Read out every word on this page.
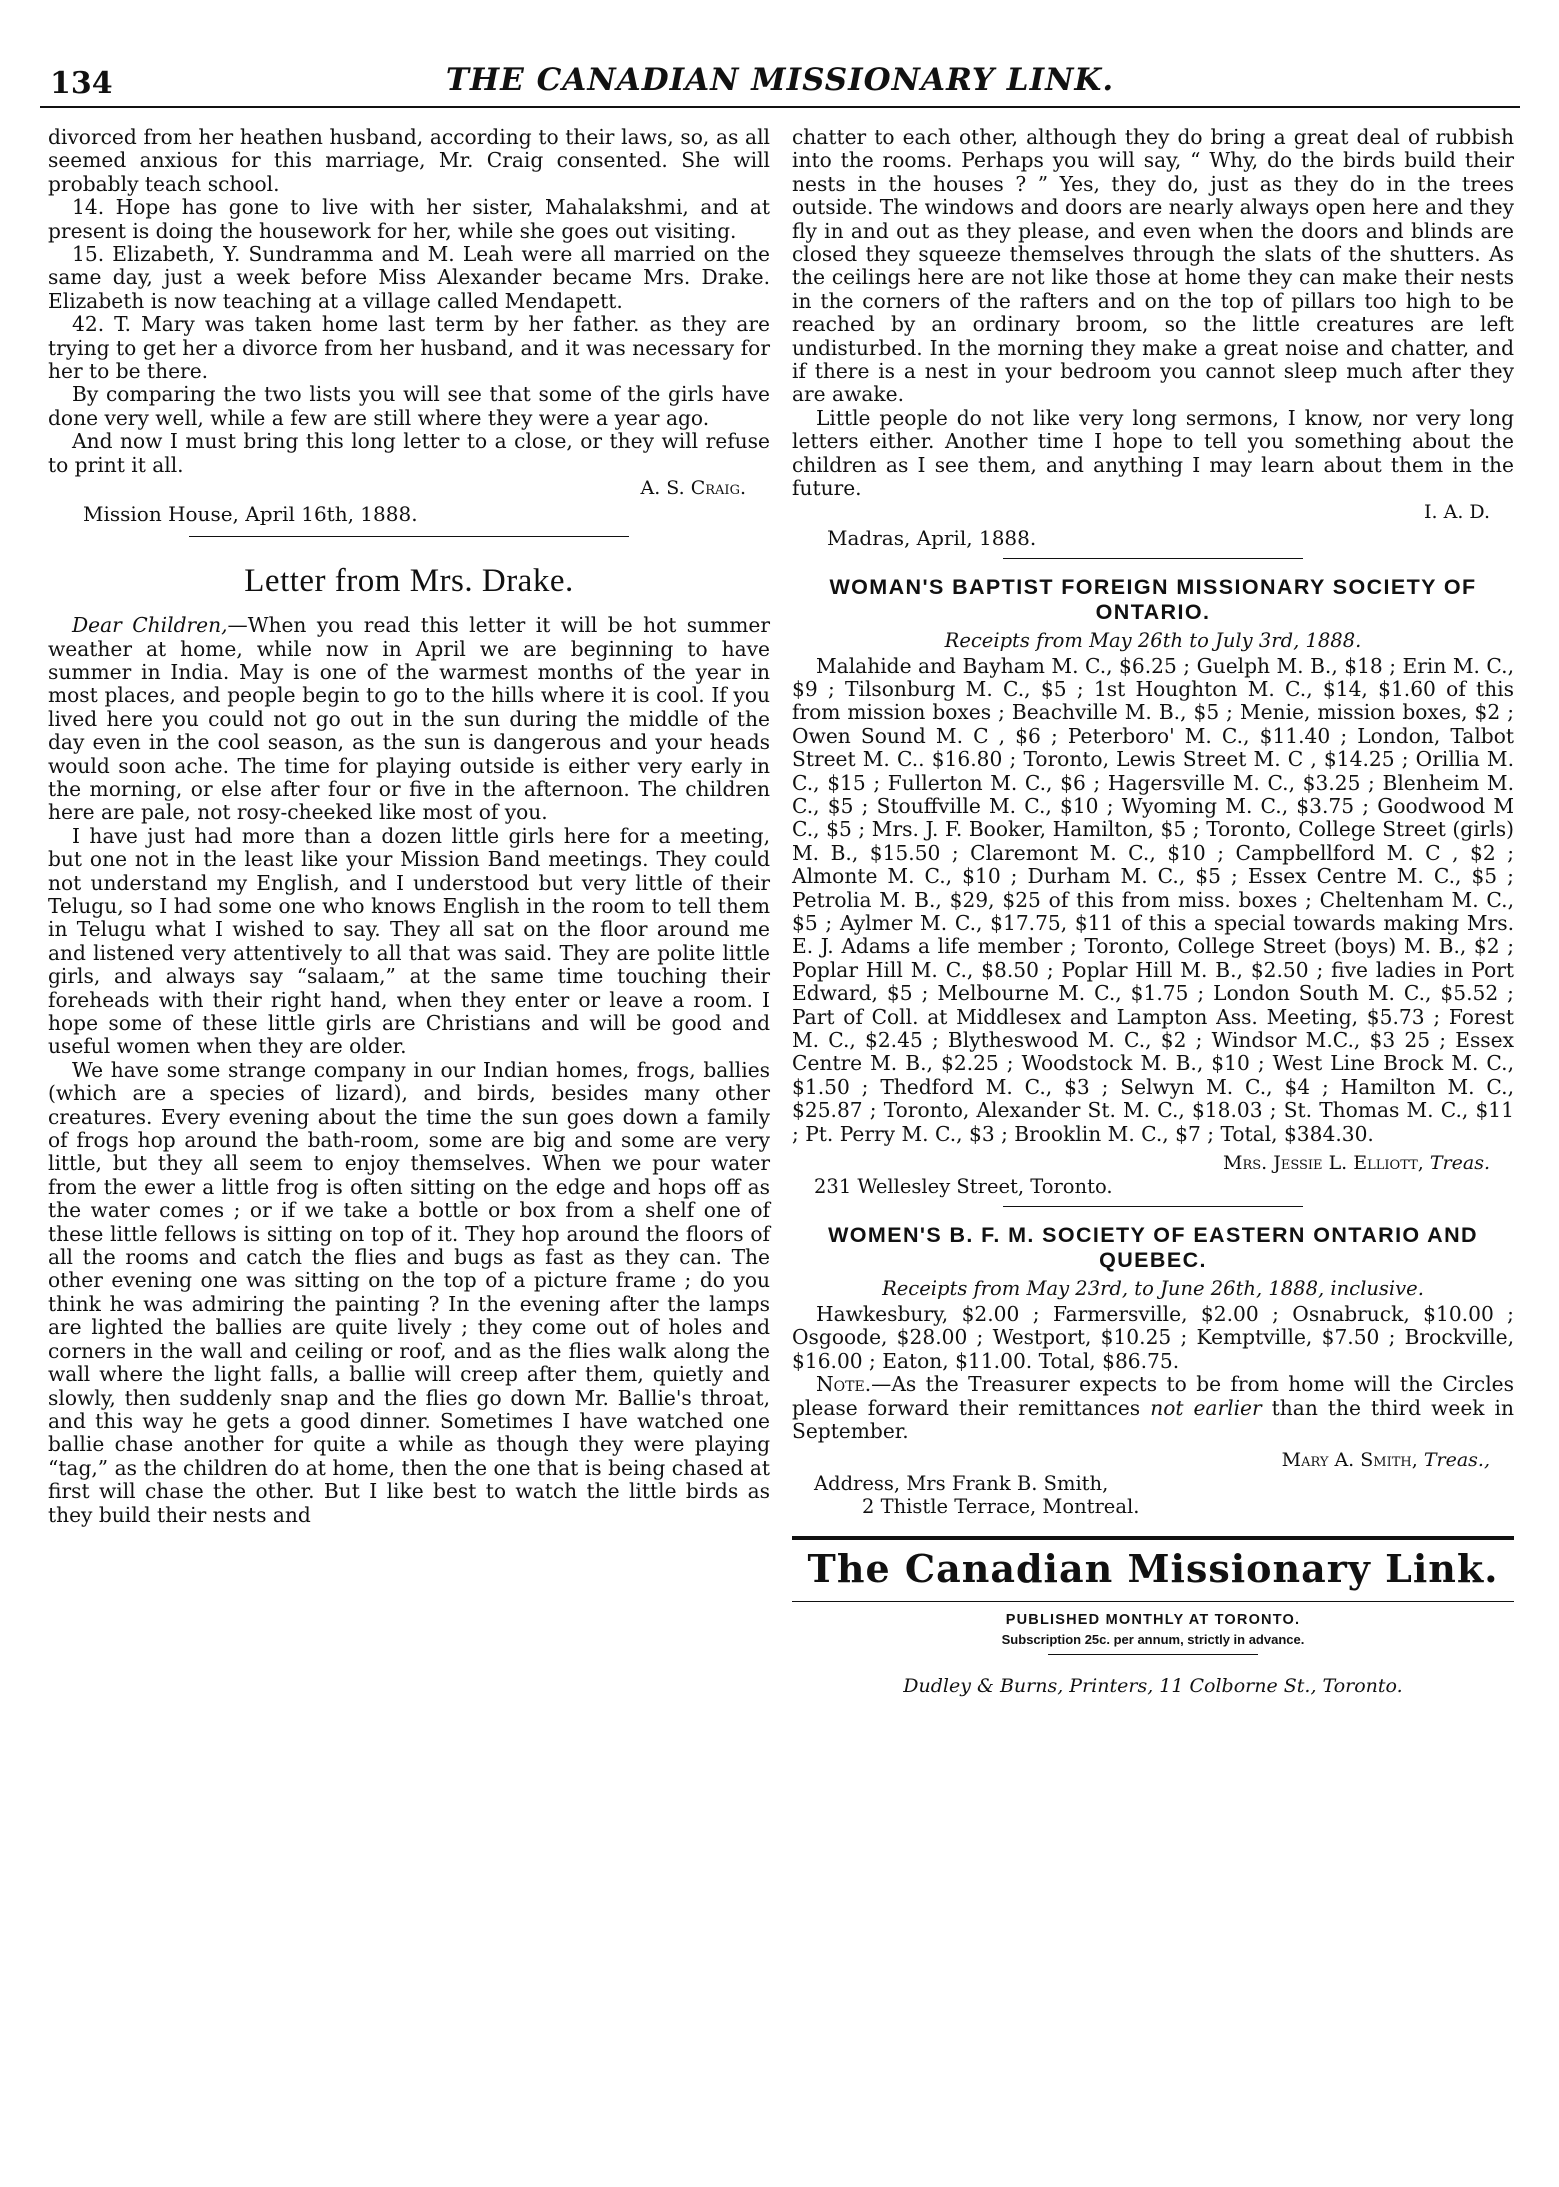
134	THE CANADIAN MISSIONARY LINK.

divorced from her heathen husband, according to their laws, so, as all seemed anxious for this marriage, Mr. Craig consented. She will probably teach school.

14. Hope has gone to live with her sister, Mahalakshmi, and at present is doing the housework for her, while she goes out visiting.

15. Elizabeth, Y. Sundramma and M. Leah were all married on the same day, just a week before Miss Alexander became Mrs. Drake. Elizabeth is now teaching at a village called Mendapett.

42. T. Mary was taken home last term by her father. as they are trying to get her a divorce from her husband, and it was necessary for her to be there.

By comparing the two lists you will see that some of the girls have done very well, while a few are still where they were a year ago.

And now I must bring this long letter to a close, or they will refuse to print it all.

A. S. Craig.
Mission House, April 16th, 1888.
Letter from Mrs. Drake.

Dear Children,—When you read this letter it will be hot summer weather at home, while now in April we are beginning to have summer in India. May is one of the warmest months of the year in most places, and people begin to go to the hills where it is cool. If you lived here you could not go out in the sun during the middle of the day even in the cool season, as the sun is dangerous and your heads would soon ache. The time for playing outside is either very early in the morning, or else after four or five in the afternoon. The children here are pale, not rosy-cheeked like most of you.

I have just had more than a dozen little girls here for a meeting, but one not in the least like your Mission Band meetings. They could not understand my English, and I understood but very little of their Telugu, so I had some one who knows English in the room to tell them in Telugu what I wished to say. They all sat on the floor around me and listened very attentively to all that was said. They are polite little girls, and always say “salaam,” at the same time touching their foreheads with their right hand, when they enter or leave a room. I hope some of these little girls are Christians and will be good and useful women when they are older.

We have some strange company in our Indian homes, frogs, ballies (which are a species of lizard), and birds, besides many other creatures. Every evening about the time the sun goes down a family of frogs hop around the bath-room, some are big and some are very little, but they all seem to enjoy themselves. When we pour water from the ewer a little frog is often sitting on the edge and hops off as the water comes ; or if we take a bottle or box from a shelf one of these little fellows is sitting on top of it. They hop around the floors of all the rooms and catch the flies and bugs as fast as they can. The other evening one was sitting on the top of a picture frame ; do you think he was admiring the painting ? In the evening after the lamps are lighted the ballies are quite lively ; they come out of holes and corners in the wall and ceiling or roof, and as the flies walk along the wall where the light falls, a ballie will creep after them, quietly and slowly, then suddenly snap and the flies go down Mr. Ballie's throat, and this way he gets a good dinner. Sometimes I have watched one ballie chase another for quite a while as though they were playing “tag,” as the children do at home, then the one that is being chased at first will chase the other. But I like best to watch the little birds as they build their nests and

chatter to each other, although they do bring a great deal of rubbish into the rooms. Perhaps you will say, “ Why, do the birds build their nests in the houses ? ” Yes, they do, just as they do in the trees outside. The windows and doors are nearly always open here and they fly in and out as they please, and even when the doors and blinds are closed they squeeze themselves through the slats of the shutters. As the ceilings here are not like those at home they can make their nests in the corners of the rafters and on the top of pillars too high to be reached by an ordinary broom, so the little creatures are left undisturbed. In the morning they make a great noise and chatter, and if there is a nest in your bedroom you cannot sleep much after they are awake.

Little people do not like very long sermons, I know, nor very long letters either. Another time I hope to tell you something about the children as I see them, and anything I may learn about them in the future.

I. A. D.
Madras, April, 1888.
WOMAN'S BAPTIST FOREIGN MISSIONARY SOCIETY OF ONTARIO.
Receipts from May 26th to July 3rd, 1888.

Malahide and Bayham M. C., $6.25 ; Guelph M. B., $18 ; Erin M. C., $9 ; Tilsonburg M. C., $5 ; 1st Houghton M. C., $14, $1.60 of this from mission boxes ; Beachville M. B., $5 ; Menie, mission boxes, $2 ; Owen Sound M. C , $6 ; Peterboro' M. C., $11.40 ; London, Talbot Street M. C.. $16.80 ; Toronto, Lewis Street M. C , $14.25 ; Orillia M. C., $15 ; Fullerton M. C., $6 ; Hagersville M. C., $3.25 ; Blenheim M. C., $5 ; Stouffville M. C., $10 ; Wyoming M. C., $3.75 ; Goodwood M C., $5 ; Mrs. J. F. Booker, Hamilton, $5 ; Toronto, College Street (girls) M. B., $15.50 ; Claremont M. C., $10 ; Campbellford M. C , $2 ; Almonte M. C., $10 ; Durham M. C., $5 ; Essex Centre M. C., $5 ; Petrolia M. B., $29, $25 of this from miss. boxes ; Cheltenham M. C., $5 ; Aylmer M. C., $17.75, $11 of this a special towards making Mrs. E. J. Adams a life member ; Toronto, College Street (boys) M. B., $2 ; Poplar Hill M. C., $8.50 ; Poplar Hill M. B., $2.50 ; five ladies in Port Edward, $5 ; Melbourne M. C., $1.75 ; London South M. C., $5.52 ; Part of Coll. at Middlesex and Lampton Ass. Meeting, $5.73 ; Forest M. C., $2.45 ; Blytheswood M. C., $2 ; Windsor M.C., $3 25 ; Essex Centre M. B., $2.25 ; Woodstock M. B., $10 ; West Line Brock M. C., $1.50 ; Thedford M. C., $3 ; Selwyn M. C., $4 ; Hamilton M. C., $25.87 ; Toronto, Alexander St. M. C., $18.03 ; St. Thomas M. C., $11 ; Pt. Perry M. C., $3 ; Brooklin M. C., $7 ; Total, $384.30.

Mrs. Jessie L. Elliott, Treas.
231 Wellesley Street, Toronto.
WOMEN'S B. F. M. SOCIETY OF EASTERN ONTARIO AND QUEBEC.
Receipts from May 23rd, to June 26th, 1888, inclusive.

Hawkesbury, $2.00 ; Farmersville, $2.00 ; Osnabruck, $10.00 ; Osgoode, $28.00 ; Westport, $10.25 ; Kemptville, $7.50 ; Brockville, $16.00 ; Eaton, $11.00. Total, $86.75.

Note.—As the Treasurer expects to be from home will the Circles please forward their remittances not earlier than the third week in September.

Mary A. Smith, Treas.,
Address, Mrs Frank B. Smith,
2 Thistle Terrace, Montreal.
The Canadian Missionary Link.
PUBLISHED MONTHLY AT TORONTO.
Subscription 25c. per annum, strictly in advance.
Dudley & Burns, Printers, 11 Colborne St., Toronto.
